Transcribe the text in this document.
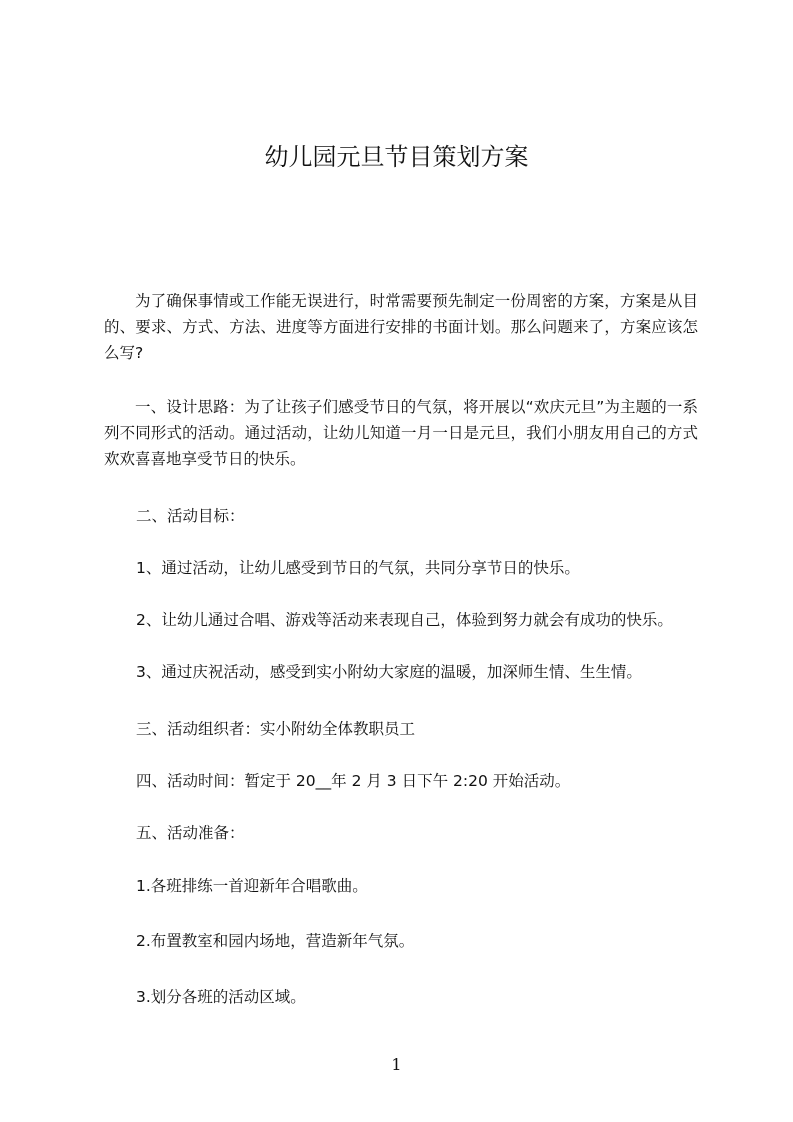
幼儿园元旦节目策划方案
为了确保事情或工作能无误进行，时常需要预先制定一份周密的方案，方案是从目的、要求、方式、方法、进度等方面进行安排的书面计划。那么问题来了，方案应该怎么写?
一、设计思路：为了让孩子们感受节日的气氛，将开展以“欢庆元旦”为主题的一系列不同形式的活动。通过活动，让幼儿知道一月一日是元旦，我们小朋友用自己的方式欢欢喜喜地享受节日的快乐。
二、活动目标：
1、通过活动，让幼儿感受到节日的气氛，共同分享节日的快乐。
2、让幼儿通过合唱、游戏等活动来表现自己，体验到努力就会有成功的快乐。
3、通过庆祝活动，感受到实小附幼大家庭的温暖，加深师生情、生生情。
三、活动组织者：实小附幼全体教职员工
四、活动时间：暂定于 20__年 2 月 3 日下午 2:20 开始活动。
五、活动准备：
1.各班排练一首迎新年合唱歌曲。
2.布置教室和园内场地，营造新年气氛。
3.划分各班的活动区域。
1
